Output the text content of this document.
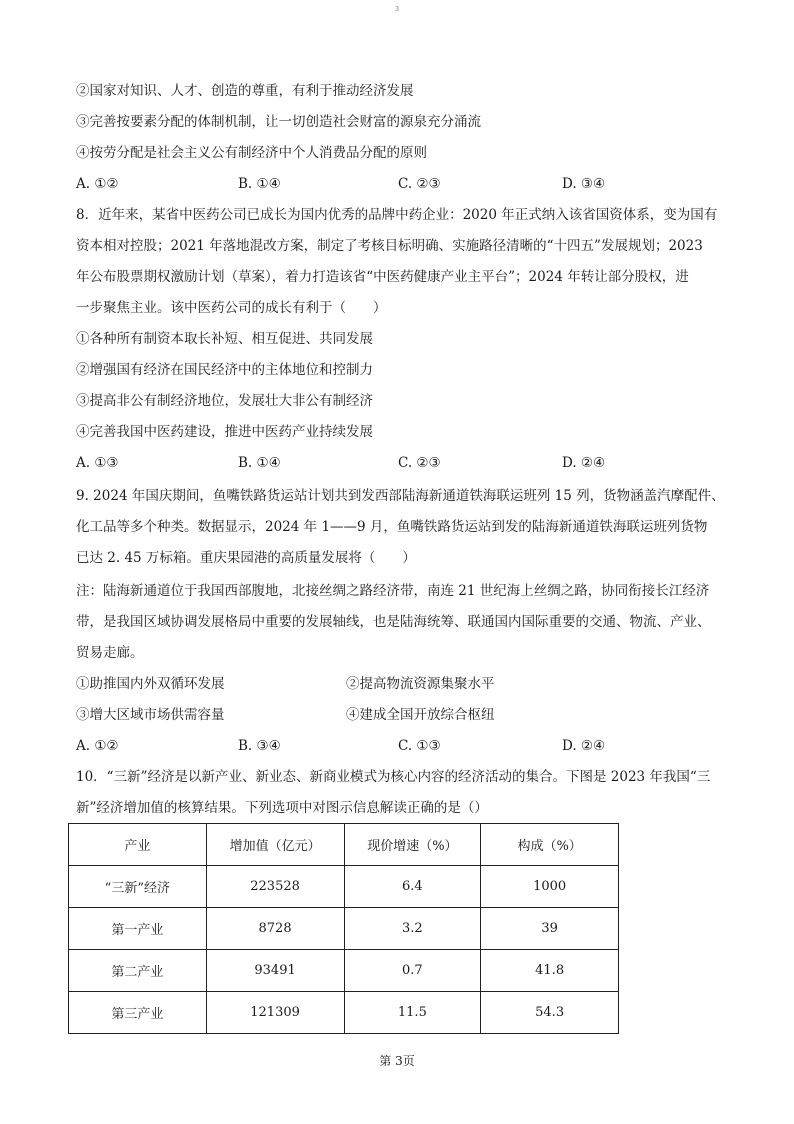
3
②国家对知识、人才、创造的尊重，有利于推动经济发展
③完善按要素分配的体制机制，让一切创造社会财富的源泉充分涌流
④按劳分配是社会主义公有制经济中个人消费品分配的原则
A. ①②	B. ①④	C. ②③	D. ③④
8．近年来，某省中医药公司已成长为国内优秀的品牌中药企业：2020 年正式纳入该省国资体系，变为国有
资本相对控股；2021 年落地混改方案，制定了考核目标明确、实施路径清晰的“十四五”发展规划；2023
年公布股票期权激励计划（草案），着力打造该省“中医药健康产业主平台”；2024 年转让部分股权，进
一步聚焦主业。该中医药公司的成长有利于（　　）
①各种所有制资本取长补短、相互促进、共同发展
②增强国有经济在国民经济中的主体地位和控制力
③提高非公有制经济地位，发展壮大非公有制经济
④完善我国中医药建设，推进中医药产业持续发展
A. ①③	B. ①④	C. ②③	D. ②④
9. 2024 年国庆期间，鱼嘴铁路货运站计划共到发西部陆海新通道铁海联运班列 15 列，货物涵盖汽摩配件、
化工品等多个种类。数据显示，2024 年 1——9 月，鱼嘴铁路货运站到发的陆海新通道铁海联运班列货物
已达 2. 45 万标箱。重庆果园港的高质量发展将（　　）
注：陆海新通道位于我国西部腹地，北接丝绸之路经济带，南连 21 世纪海上丝绸之路，协同衔接长江经济
带，是我国区域协调发展格局中重要的发展轴线，也是陆海统筹、联通国内国际重要的交通、物流、产业、
贸易走廊。
①助推国内外双循环发展	②提高物流资源集聚水平
③增大区域市场供需容量	④建成全国开放综合枢纽
A. ①②	B. ③④	C. ①③	D. ②④
10．“三新”经济是以新产业、新业态、新商业模式为核心内容的经济活动的集合。下图是 2023 年我国“三
新”经济增加值的核算结果。下列选项中对图示信息解读正确的是（）
产业	增加值（亿元）	现价增速（%）	构成（%）
“三新”经济	223528	6.4	1000
第一产业	8728	3.2	39
第二产业	93491	0.7	41.8
第三产业	121309	11.5	54.3
第 3页
